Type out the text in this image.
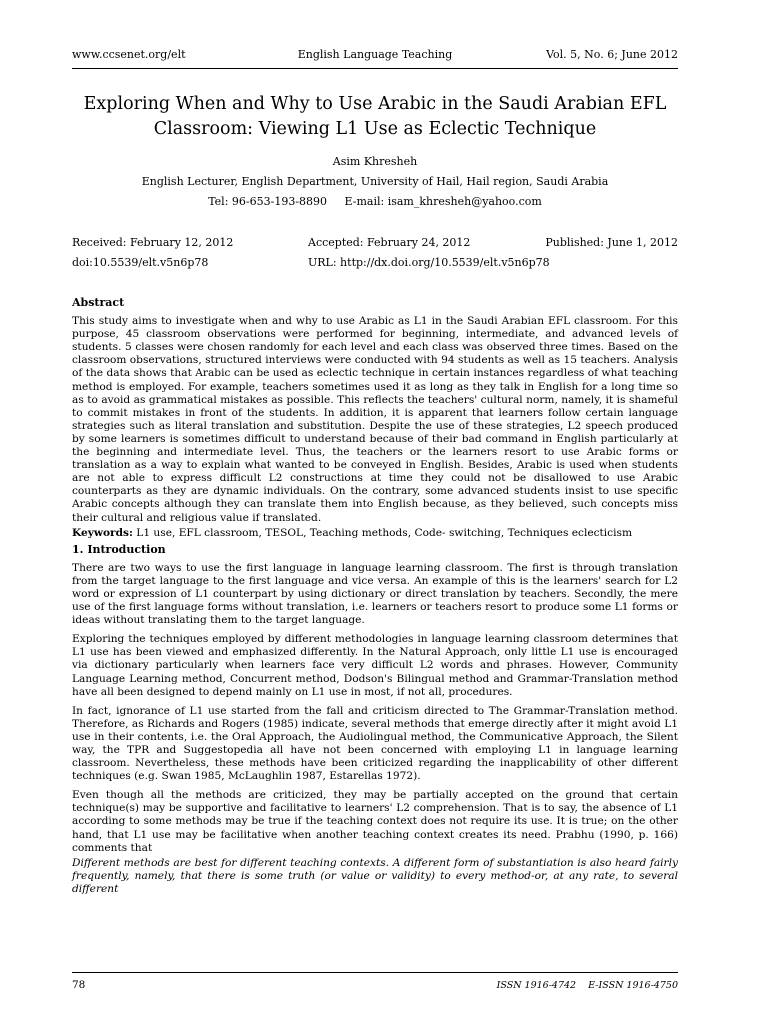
www.ccsenet.org/elt	English Language Teaching	Vol. 5, No. 6; June 2012
Exploring When and Why to Use Arabic in the Saudi Arabian EFL
Classroom: Viewing L1 Use as Eclectic Technique
Asim Khresheh
English Lecturer, English Department, University of Hail, Hail region, Saudi Arabia
Tel: 96-653-193-8890     E-mail: isam_khresheh@yahoo.com
Received: February 12, 2012	Accepted: February 24, 2012	Published: June 1, 2012
doi:10.5539/elt.v5n6p78	URL: http://dx.doi.org/10.5539/elt.v5n6p78

Abstract

This study aims to investigate when and why to use Arabic as L1 in the Saudi Arabian EFL classroom. For this purpose, 45 classroom observations were performed for beginning, intermediate, and advanced levels of students. 5 classes were chosen randomly for each level and each class was observed three times. Based on the classroom observations, structured interviews were conducted with 94 students as well as 15 teachers. Analysis of the data shows that Arabic can be used as eclectic technique in certain instances regardless of what teaching method is employed. For example, teachers sometimes used it as long as they talk in English for a long time so as to avoid as grammatical mistakes as possible. This reflects the teachers' cultural norm, namely, it is shameful to commit mistakes in front of the students. In addition, it is apparent that learners follow certain language strategies such as literal translation and substitution. Despite the use of these strategies, L2 speech produced by some learners is sometimes difficult to understand because of their bad command in English particularly at the beginning and intermediate level. Thus, the teachers or the learners resort to use Arabic forms or translation as a way to explain what wanted to be conveyed in English. Besides, Arabic is used when students are not able to express difficult L2 constructions at time they could not be disallowed to use Arabic counterparts as they are dynamic individuals. On the contrary, some advanced students insist to use specific Arabic concepts although they can translate them into English because, as they believed, such concepts miss their cultural and religious value if translated.

Keywords: L1 use, EFL classroom, TESOL, Teaching methods, Code- switching, Techniques eclecticism

1. Introduction

There are two ways to use the first language in language learning classroom. The first is through translation from the target language to the first language and vice versa. An example of this is the learners' search for L2 word or expression of L1 counterpart by using dictionary or direct translation by teachers. Secondly, the mere use of the first language forms without translation, i.e. learners or teachers resort to produce some L1 forms or ideas without translating them to the target language.

Exploring the techniques employed by different methodologies in language learning classroom determines that L1 use has been viewed and emphasized differently. In the Natural Approach, only little L1 use is encouraged via dictionary particularly when learners face very difficult L2 words and phrases. However, Community Language Learning method, Concurrent method, Dodson's Bilingual method and Grammar-Translation method have all been designed to depend mainly on L1 use in most, if not all, procedures.

In fact, ignorance of L1 use started from the fall and criticism directed to The Grammar-Translation method. Therefore, as Richards and Rogers (1985) indicate, several methods that emerge directly after it might avoid L1 use in their contents, i.e. the Oral Approach, the Audiolingual method, the Communicative Approach, the Silent way, the TPR and Suggestopedia all have not been concerned with employing L1 in language learning classroom. Nevertheless, these methods have been criticized regarding the inapplicability of other different techniques (e.g. Swan 1985, McLaughlin 1987, Estarellas 1972).

Even though all the methods are criticized, they may be partially accepted on the ground that certain technique(s) may be supportive and facilitative to learners' L2 comprehension. That is to say, the absence of L1 according to some methods may be true if the teaching context does not require its use. It is true; on the other hand, that L1 use may be facilitative when another teaching context creates its need. Prabhu (1990, p. 166) comments that

Different methods are best for different teaching contexts. A different form of substantiation is also heard fairly frequently, namely, that there is some truth (or value or validity) to every method-or, at any rate, to several different

78	ISSN 1916-4742    E-ISSN 1916-4750
